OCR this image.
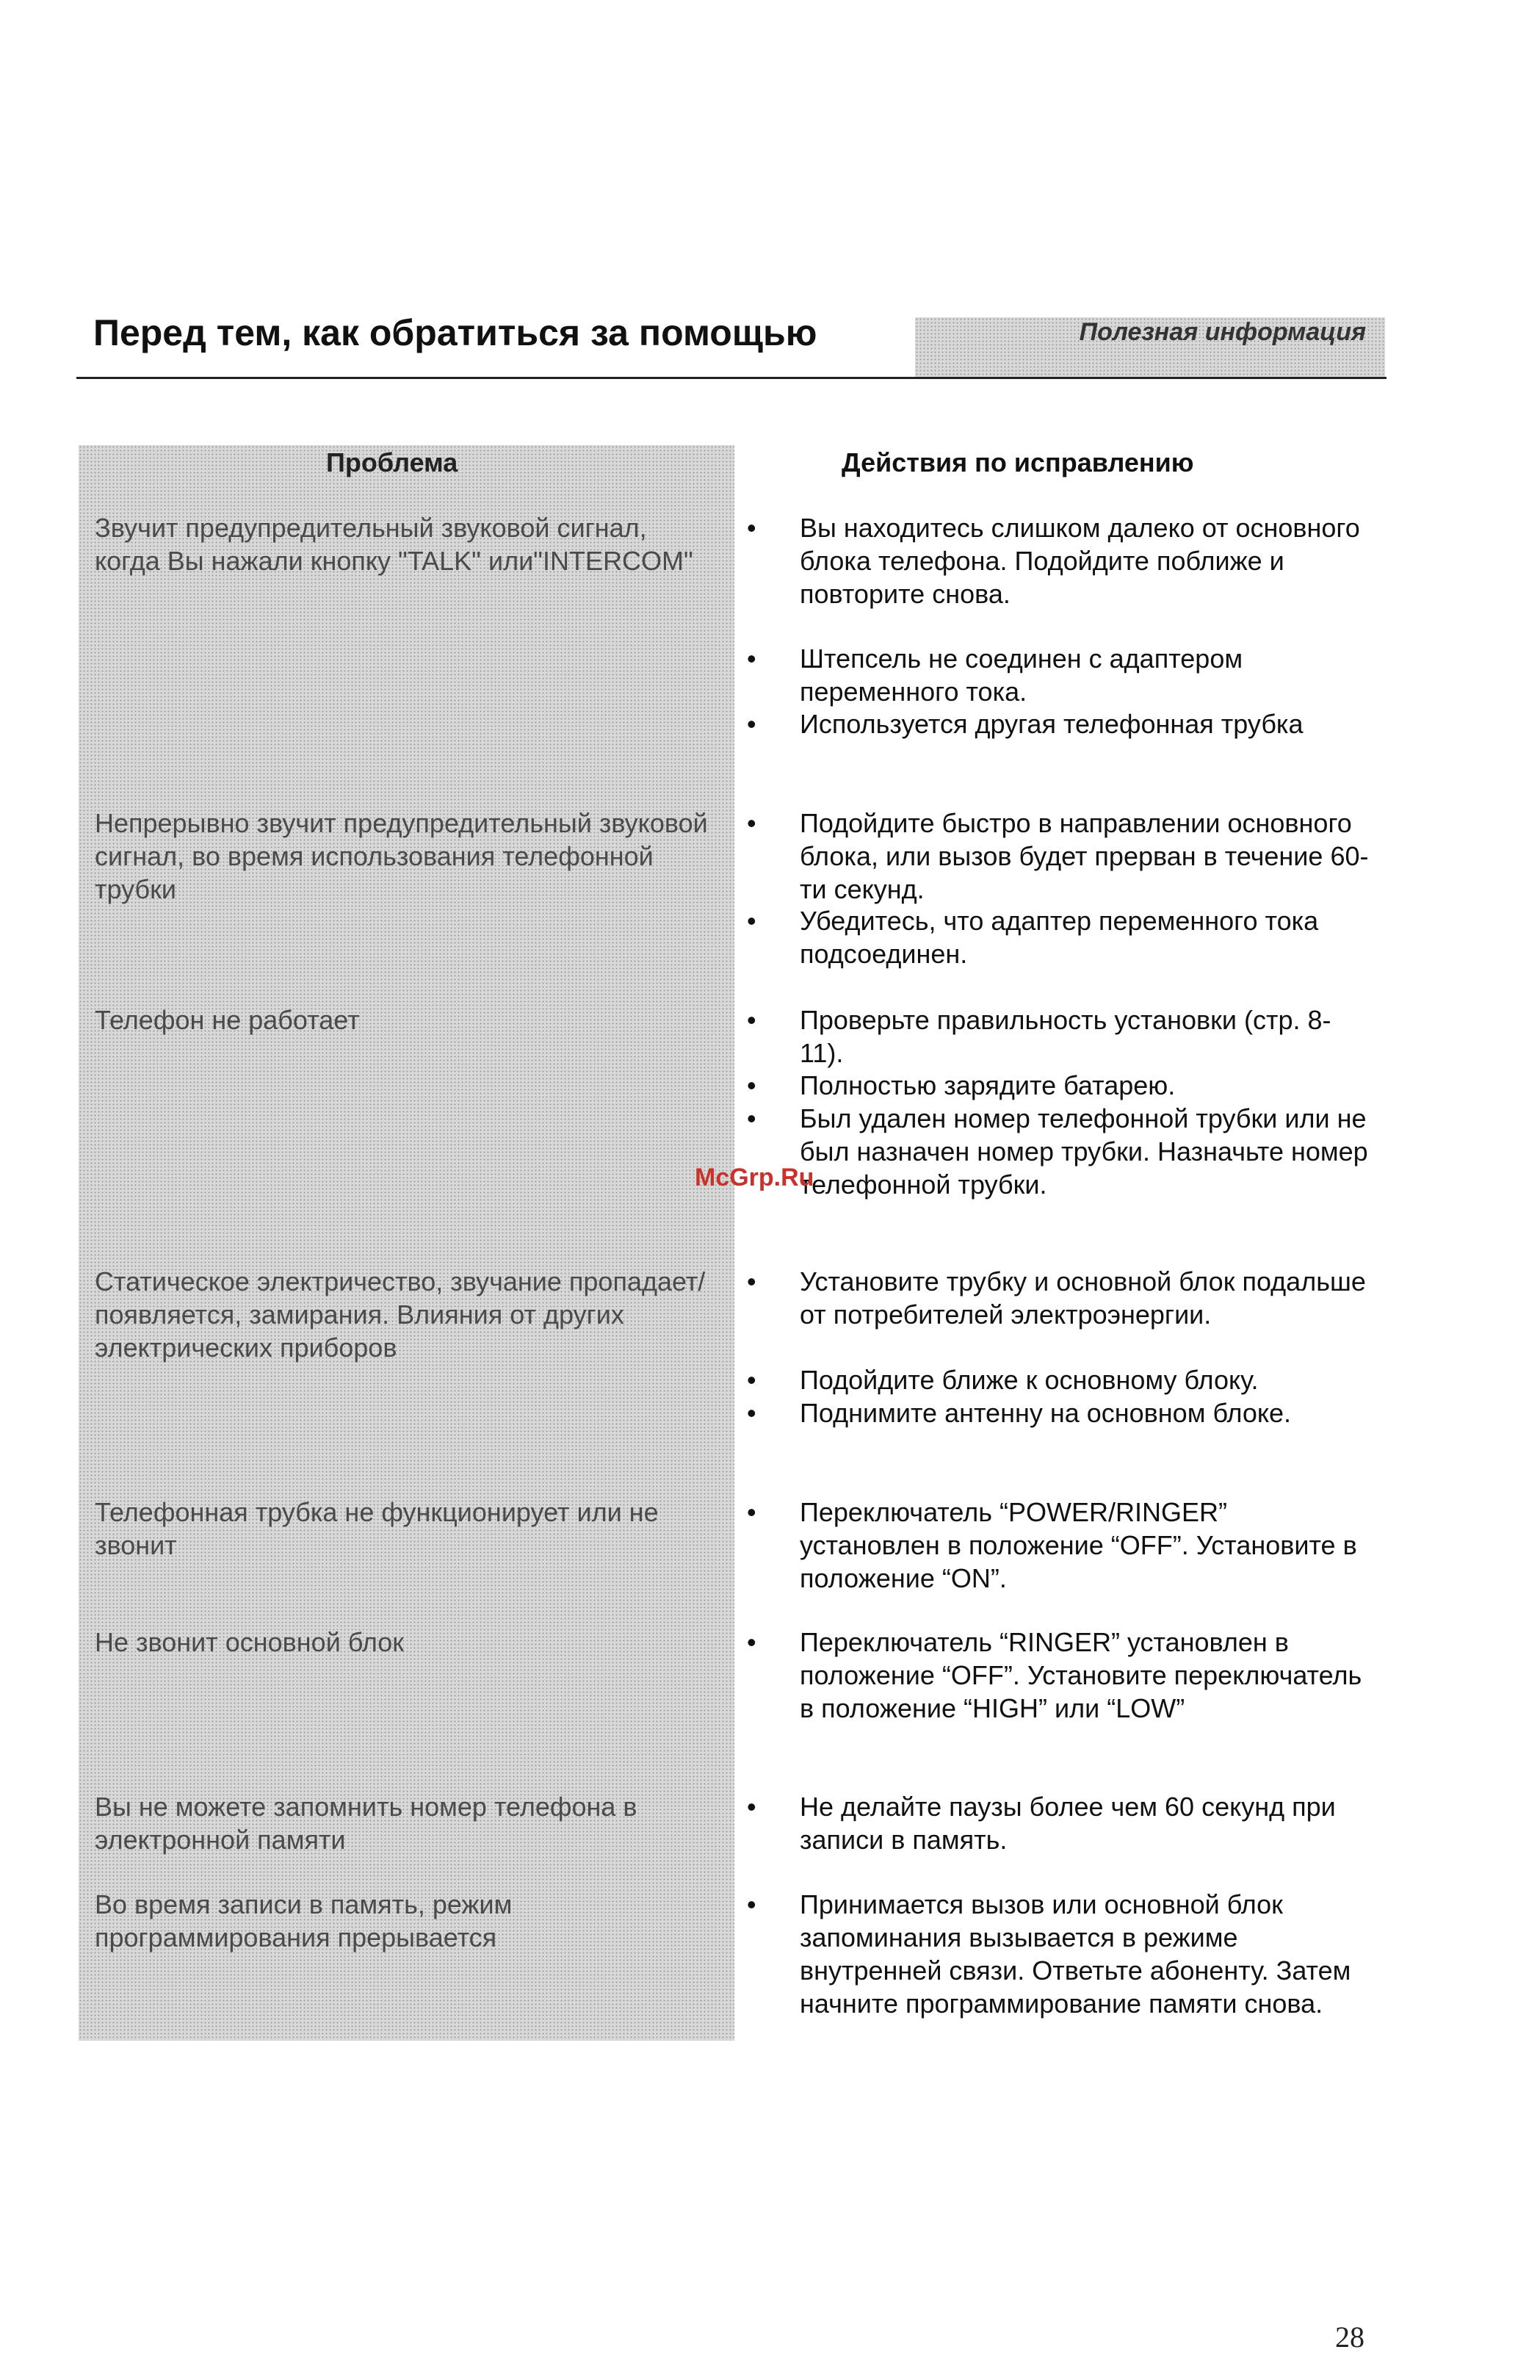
Перед тем, как обратиться за помощью	Полезная информация
Проблема	Действия по исправлению
Звучит предупредительный звуковой сигнал, когда Вы нажали кнопку "TALK" или"INTERCOM"
• Вы находитесь слишком далеко от основного блока телефона. Подойдите поближе и повторите снова.
• Штепсель не соединен с адаптером переменного тока.
• Используется другая телефонная трубка
Непрерывно звучит предупредительный звуковой сигнал, во время использования телефонной трубки
• Подойдите быстро в направлении основного блока, или вызов будет прерван в течение 60-ти секунд.
• Убедитесь, что адаптер переменного тока подсоединен.
Телефон не работает	• Проверьте правильность установки (стр. 8-11).
• Полностью зарядите батарею.
• Был удален номер телефонной трубки или не был назначен номер трубки. Назначьте номер телефонной трубки.
Статическое электричество, звучание пропадает/появляется, замирания. Влияния от других электрических приборов
• Установите трубку и основной блок подальше от потребителей электроэнергии.
• Подойдите ближе к основному блоку.
• Поднимите антенну на основном блоке.
Телефонная трубка не функционирует или не звонит
• Переключатель “POWER/RINGER” установлен в положение “OFF”. Установите в положение “ON”.
Не звонит основной блок	• Переключатель “RINGER” установлен в положение “OFF”. Установите переключатель в положение “HIGH” или “LOW”
Вы не можете запомнить номер телефона в электронной памяти
• Не делайте паузы более чем 60 секунд при записи в память.
Во время записи в память, режим программирования прерывается
• Принимается вызов или основной блок запоминания вызывается в режиме внутренней связи. Ответьте абоненту. Затем начните программирование памяти снова.
McGrp.Ru
28
